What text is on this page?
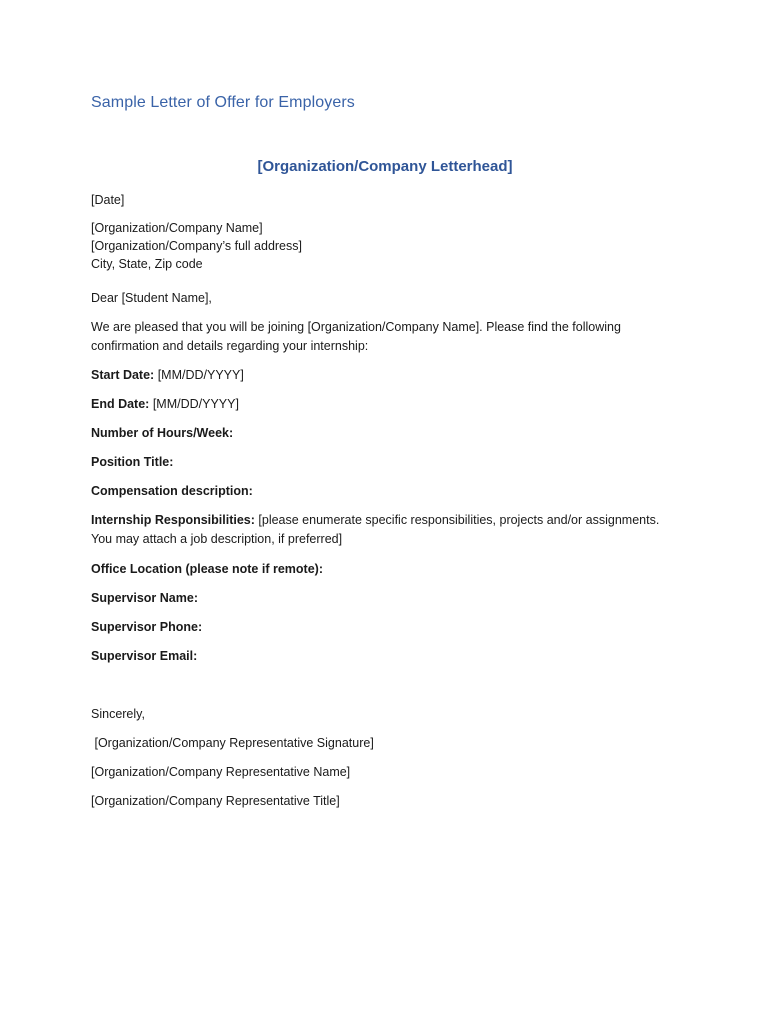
Sample Letter of Offer for Employers
[Organization/Company Letterhead]
[Date]
[Organization/Company Name]
[Organization/Company’s full address]
City, State, Zip code
Dear [Student Name],
We are pleased that you will be joining [Organization/Company Name]. Please find the following confirmation and details regarding your internship:
Start Date: [MM/DD/YYYY]
End Date: [MM/DD/YYYY]
Number of Hours/Week:
Position Title:
Compensation description:
Internship Responsibilities: [please enumerate specific responsibilities, projects and/or assignments. You may attach a job description, if preferred]
Office Location (please note if remote):
Supervisor Name:
Supervisor Phone:
Supervisor Email:
Sincerely,
[Organization/Company Representative Signature]
[Organization/Company Representative Name]
[Organization/Company Representative Title]
